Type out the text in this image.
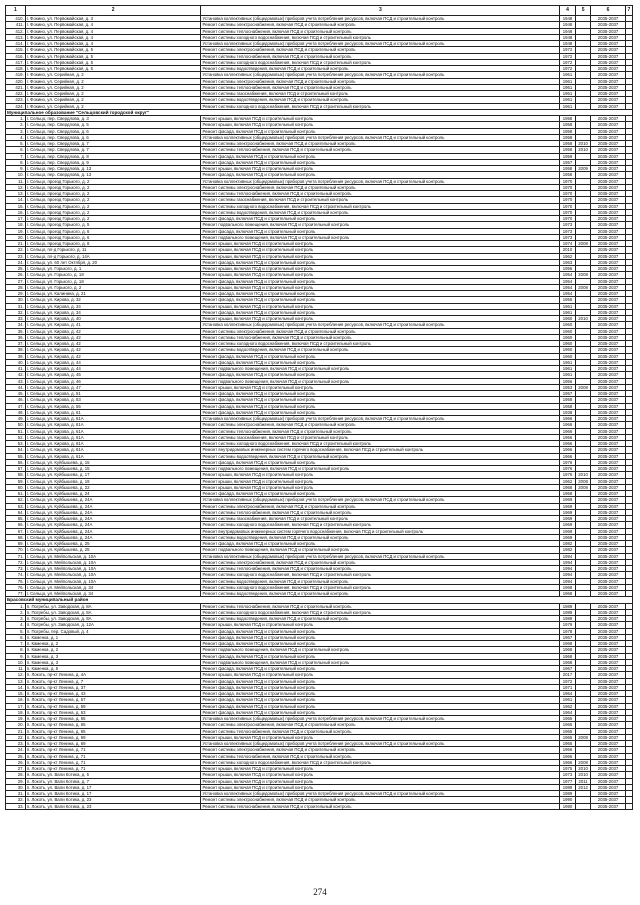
1	2	3	4	5	6	7
410.	г. Фокино, ул. Первомайская, д. 3	Установка коллективных (общедомовых) приборов учета потребления ресурсов, включая ПСД и строительный контроль	1948		2035-2037	
411.	г. Фокино, ул. Первомайская, д. 4	Ремонт системы электроснабжения, включая ПСД и строительный контроль	1948		2035-2037	
412.	г. Фокино, ул. Первомайская, д. 4	Ремонт системы теплоснабжения, включая ПСД и строительный контроль	1948		2035-2037	
413.	г. Фокино, ул. Первомайская, д. 4	Ремонт системы холодного водоснабжения, включая ПСД и строительный контроль	1948		2035-2037	
414.	г. Фокино, ул. Первомайская, д. 4	Установка коллективных (общедомовых) приборов учета потребления ресурсов, включая ПСД и строительный контроль	1948		2035-2037	
415.	г. Фокино, ул. Первомайская, д. 5	Ремонт системы электроснабжения, включая ПСД и строительный контроль	1972		2035-2037	
416.	г. Фокино, ул. Первомайская, д. 5	Ремонт системы теплоснабжения, включая ПСД и строительный контроль	1972		2035-2037	
417.	г. Фокино, ул. Первомайская, д. 5	Ремонт системы холодного водоснабжения, включая ПСД и строительный контроль	1972		2035-2037	
418.	г. Фокино, ул. Первомайская, д. 5	Ремонт системы водоотведения, включая ПСД и строительный контроль	1972		2035-2037	
419.	г. Фокино, ул. Серийная, д. 2	Установка коллективных (общедомовых) приборов учета потребления ресурсов, включая ПСД и строительный контроль	1961		2035-2037	
420.	г. Фокино, ул. Серийная, д. 2	Ремонт системы электроснабжения, включая ПСД и строительный контроль	1961		2035-2037	
421.	г. Фокино, ул. Серийная, д. 2	Ремонт системы теплоснабжения, включая ПСД и строительный контроль	1961		2035-2037	
422.	г. Фокино, ул. Серийная, д. 2	Ремонт системы газоснабжения, включая ПСД и строительный контроль	1961		2035-2037	
423.	г. Фокино, ул. Серийная, д. 2	Ремонт системы водоотведения, включая ПСД и строительный контроль	1961		2035-2037	
424.	г. Фокино, ул. Серийная, д. 2	Ремонт системы холодного водоснабжения, включая ПСД и строительный контроль	1961		2035-2037	
Муниципальное образование "Сельцовский городской округ"						
1.	г. Сельцо, пер. Свердлова, д. 3	Ремонт крыши, включая ПСД и строительный контроль	1958		2035-2037	
2.	г. Сельцо, пер. Свердлова, д. 5	Ремонт крыши, включая ПСД и строительный контроль	1958		2035-2037	
3.	г. Сельцо, пер. Свердлова, д. 6	Ремонт фасада, включая ПСД и строительный контроль	1958		2035-2037	
4.	г. Сельцо, пер. Свердлова, д. 6	Установка коллективных (общедомовых) приборов учета потребления ресурсов, включая ПСД и строительный контроль	1958		2035-2037	
5.	г. Сельцо, пер. Свердлова, д. 7	Ремонт системы электроснабжения, включая ПСД и строительный контроль	1958	2010	2035-2037	
6.	г. Сельцо, пер. Свердлова, д. 7	Ремонт системы теплоснабжения, включая ПСД и строительный контроль	1958	2010	2035-2037	
7.	г. Сельцо, пер. Свердлова, д. 8	Ремонт фасада, включая ПСД и строительный контроль	1959		2035-2037	
8.	г. Сельцо, пер. Свердлова, д. 9	Ремонт фасада, включая ПСД и строительный контроль	1957		2035-2037	
9.	г. Сельцо, пер. Свердлова, д. 13	Ремонт крыши, включая ПСД и строительный контроль	1958	2009	2035-2037	
10.	г. Сельцо, пер. Свердлова, д. 13	Ремонт фасада, включая ПСД и строительный контроль	1958		2035-2037	
11.	г. Сельцо, проезд Горького, д. 2	Установка коллективных (общедомовых) приборов учета потребления ресурсов, включая ПСД и строительный контроль	1970		2035-2037	
12.	г. Сельцо, проезд Горького, д. 2	Ремонт системы электроснабжения, включая ПСД и строительный контроль	1970		2035-2037	
13.	г. Сельцо, проезд Горького, д. 2	Ремонт системы теплоснабжения, включая ПСД и строительный контроль	1970		2035-2037	
14.	г. Сельцо, проезд Горького, д. 2	Ремонт системы газоснабжения, включая ПСД и строительный контроль	1970		2035-2037	
15.	г. Сельцо, проезд Горького, д. 2	Ремонт системы холодного водоснабжения, включая ПСД и строительный контроль	1970		2035-2037	
16.	г. Сельцо, проезд Горького, д. 2	Ремонт системы водоотведения, включая ПСД и строительный контроль	1970		2035-2037	
17.	г. Сельцо, проезд Горького, д. 2	Ремонт фасада, включая ПСД и строительный контроль	1970		2035-2037	
18.	г. Сельцо, проезд Горького, д. 5	Ремонт подвального помещения, включая ПСД и строительный контроль	1973		2035-2037	
19.	г. Сельцо, проезд Горького, д. 6	Ремонт фасада, включая ПСД и строительный контроль	1973		2035-2037	
20.	г. Сельцо, проезд Горького, д. 6	Ремонт подвального помещения, включая ПСД и строительный контроль	1973		2035-2037	
21.	г. Сельцо, проезд Горького, д. 8	Ремонт крыши, включая ПСД и строительный контроль	1974	2008	2035-2037	
22.	г. Сельцо, пл-д Горького, д. 11	Ремонт крыши, включая ПСД и строительный контроль	2010		2035-2037	
23.	г. Сельцо, пл-д Горького, д. 14А	Ремонт крыши, включая ПСД и строительный контроль	1962		2035-2037	
24.	г. Сельцо, ул. 60 лет Октября, д. 20	Ремонт фасада, включая ПСД и строительный контроль	1963		2035-2037	
25.	г. Сельцо, ул. Горького, д. 1	Ремонт крыши, включая ПСД и строительный контроль	1956		2035-2037	
26.	г. Сельцо, ул. Горького, д. 18	Ремонт крыши, включая ПСД и строительный контроль	1954	2008	2035-2037	
27.	г. Сельцо, ул. Горького, д. 18	Ремонт фасада, включая ПСД и строительный контроль	1954		2035-2037	
28.	г. Сельцо, ул. Горького, д. 2	Ремонт крыши, включая ПСД и строительный контроль	1954	2008	2035-2037	
29.	г. Сельцо, ул. Калинина, д. 21	Ремонт фасада, включая ПСД и строительный контроль	1954		2035-2037	
30.	г. Сельцо, ул. Кирова, д. 32	Ремонт фасада, включая ПСД и строительный контроль	1956		2035-2037	
31.	г. Сельцо, ул. Кирова, д. 34	Ремонт крыши, включая ПСД и строительный контроль	1961		2035-2037	
32.	г. Сельцо, ул. Кирова, д. 34	Ремонт фасада, включая ПСД и строительный контроль	1961		2035-2037	
33.	г. Сельцо, ул. Кирова, д. 40	Ремонт крыши, включая ПСД и строительный контроль	1960	2010	2035-2037	
34.	г. Сельцо, ул. Кирова, д. 41	Установка коллективных (общедомовых) приборов учета потребления ресурсов, включая ПСД и строительный контроль	1960		2035-2037	
35.	г. Сельцо, ул. Кирова, д. 42	Ремонт системы электроснабжения, включая ПСД и строительный контроль	1960		2035-2037	
36.	г. Сельцо, ул. Кирова, д. 42	Ремонт системы теплоснабжения, включая ПСД и строительный контроль	1960		2035-2037	
37.	г. Сельцо, ул. Кирова, д. 42	Ремонт системы холодного водоснабжения, включая ПСД и строительный контроль	1960		2035-2037	
38.	г. Сельцо, ул. Кирова, д. 42	Ремонт системы водоотведения, включая ПСД и строительный контроль	1960		2035-2037	
39.	г. Сельцо, ул. Кирова, д. 42	Ремонт фасада, включая ПСД и строительный контроль	1960		2035-2037	
40.	г. Сельцо, ул. Кирова, д. 44	Ремонт фасада, включая ПСД и строительный контроль	1961		2035-2037	
41.	г. Сельцо, ул. Кирова, д. 44	Ремонт подвального помещения, включая ПСД и строительный контроль	1961		2035-2037	
42.	г. Сельцо, ул. Кирова, д. 45	Ремонт фасада, включая ПСД и строительный контроль	1961		2035-2037	
43.	г. Сельцо, ул. Кирова, д. 46	Ремонт подвального помещения, включая ПСД и строительный контроль	1956		2035-2037	
44.	г. Сельцо, ул. Кирова, д. 47	Ремонт крыши, включая ПСД и строительный контроль	1953	2008	2035-2037	
45.	г. Сельцо, ул. Кирова, д. 51	Ремонт фасада, включая ПСД и строительный контроль	1957		2035-2037	
46.	г. Сельцо, ул. Кирова, д. 53	Ремонт фасада, включая ПСД и строительный контроль	1958		2035-2037	
47.	г. Сельцо, ул. Кирова, д. 55	Ремонт фасада, включая ПСД и строительный контроль	1958		2035-2037	
48.	г. Сельцо, ул. Кирова, д. 61	Ремонт фасада, включая ПСД и строительный контроль	1938		2035-2037	
49.	г. Сельцо, ул. Кирова, д. 61А	Установка коллективных (общедомовых) приборов учета потребления ресурсов, включая ПСД и строительный контроль	1966		2035-2037	
50.	г. Сельцо, ул. Кирова, д. 61А	Ремонт системы электроснабжения, включая ПСД и строительный контроль	1966		2035-2037	
51.	г. Сельцо, ул. Кирова, д. 61А	Ремонт системы теплоснабжения, включая ПСД и строительный контроль	1966		2035-2037	
52.	г. Сельцо, ул. Кирова, д. 61А	Ремонт системы газоснабжения, включая ПСД и строительный контроль	1966		2035-2037	
53.	г. Сельцо, ул. Кирова, д. 61А	Ремонт системы холодного водоснабжения, включая ПСД и строительный контроль	1966		2035-2037	
54.	г. Сельцо, ул. Кирова, д. 61А	Ремонт внутридомовых инженерных систем горячего водоснабжения, включая ПСД и строительный контроль	1966		2035-2037	
55.	г. Сельцо, ул. Кирова, д. 61А	Ремонт системы водоотведения, включая ПСД и строительный контроль	1966		2035-2037	
56.	г. Сельцо, ул. Куйбышева, д. 15	Ремонт фасада, включая ПСД и строительный контроль	1976		2035-2037	
57.	г. Сельцо, ул. Куйбышева, д. 15	Ремонт подвального помещения, включая ПСД и строительный контроль	1976		2035-2037	
58.	г. Сельцо, ул. Куйбышева, д. 17	Ремонт крыши, включая ПСД и строительный контроль	1976	2010	2035-2037	
59.	г. Сельцо, ул. Куйбышева, д. 19	Ремонт крыши, включая ПСД и строительный контроль	1962	2008	2035-2037	
60.	г. Сельцо, ул. Куйбышева, д. 22	Ремонт крыши, включая ПСД и строительный контроль	1968	2008	2035-2037	
61.	г. Сельцо, ул. Куйбышева, д. 24	Ремонт фасада, включая ПСД и строительный контроль	1968		2035-2037	
62.	г. Сельцо, ул. Куйбышева, д. 24А	Установка коллективных (общедомовых) приборов учета потребления ресурсов, включая ПСД и строительный контроль	1969		2035-2037	
63.	г. Сельцо, ул. Куйбышева, д. 24А	Ремонт системы электроснабжения, включая ПСД и строительный контроль	1969		2035-2037	
64.	г. Сельцо, ул. Куйбышева, д. 24А	Ремонт системы теплоснабжения, включая ПСД и строительный контроль	1969		2035-2037	
65.	г. Сельцо, ул. Куйбышева, д. 24А	Ремонт системы газоснабжения, включая ПСД и строительный контроль	1969		2035-2037	
66.	г. Сельцо, ул. Куйбышева, д. 24А	Ремонт системы холодного водоснабжения, включая ПСД и строительный контроль	1969		2035-2037	
67.	г. Сельцо, ул. Куйбышева, д. 24А	Ремонт внутридомовых инженерных систем горячего водоснабжения, включая ПСД и строительный контроль	1969		2035-2037	
68.	г. Сельцо, ул. Куйбышева, д. 24А	Ремонт системы водоотведения, включая ПСД и строительный контроль	1969		2035-2037	
69.	г. Сельцо, ул. Куйбышева, д. 25	Ремонт фасада, включая ПСД и строительный контроль	1982		2035-2037	
70.	г. Сельцо, ул. Куйбышева, д. 25	Ремонт подвального помещения, включая ПСД и строительный контроль	1982		2035-2037	
71.	г. Сельцо, ул. Мейпольская, д. 10А	Установка коллективных (общедомовых) приборов учета потребления ресурсов, включая ПСД и строительный контроль	1994		2035-2037	
72.	г. Сельцо, ул. Мейпольская, д. 10А	Ремонт системы электроснабжения, включая ПСД и строительный контроль	1994		2035-2037	
73.	г. Сельцо, ул. Мейпольская, д. 10А	Ремонт системы теплоснабжения, включая ПСД и строительный контроль	1994		2035-2037	
74.	г. Сельцо, ул. Мейпольская, д. 10А	Ремонт системы холодного водоснабжения, включая ПСД и строительный контроль	1994		2035-2037	
75.	г. Сельцо, ул. Мейпольская, д. 10А	Ремонт системы водоотведения, включая ПСД и строительный контроль	1994		2035-2037	
76.	г. Сельцо, ул. Мейпольская, д. 34	Ремонт системы холодного водоснабжения, включая ПСД и строительный контроль	1968		2035-2037	
77.	г. Сельцо, ул. Мейпольская, д. 34	Ремонт системы водоотведения, включая ПСД и строительный контроль	1968		2035-2037	
Брасовский муниципальный район						
1.	п. Погребы, ул. Заводская, д. 8А	Ремонт системы теплоснабжения, включая ПСД и строительный контроль	1989		2035-2037	
2.	п. Погребы, ул. Заводская, д. 8А	Ремонт системы холодного водоснабжения, включая ПСД и строительный контроль	1989		2035-2037	
3.	п. Погребы, ул. Заводская, д. 8А	Ремонт системы водоотведения, включая ПСД и строительный контроль	1989		2035-2037	
4.	п. Погребы, ул. Заводская, д. 12А	Ремонт крыши, включая ПСД и строительный контроль	1979		2035-2037	
5.	п. Погребы, пер. Садовый, д. 4	Ремонт фасада, включая ПСД и строительный контроль	1978		2035-2037	
6.	п. Каменка, д. 1	Ремонт фасада, включая ПСД и строительный контроль	1967		2035-2037	
7.	п. Каменка, д. 2	Ремонт фасада, включая ПСД и строительный контроль	1968		2035-2037	
8.	п. Каменка, д. 2	Ремонт подвального помещения, включая ПСД и строительный контроль	1968		2035-2037	
9.	п. Каменка, д. 3	Ремонт фасада, включая ПСД и строительный контроль	1968		2035-2037	
10.	п. Каменка, д. 3	Ремонт подвального помещения, включая ПСД и строительный контроль	1968		2035-2037	
11.	п. Каменка, д. 5	Ремонт фасада, включая ПСД и строительный контроль	1967		2035-2037	
12.	п. Локоть, пр-кт Ленина, д. 4А	Ремонт крыши, включая ПСД и строительный контроль	2017		2035-2037	
13.	п. Локоть, пр-кт Ленина, д. 7	Ремонт фасада, включая ПСД и строительный контроль	1972		2035-2037	
14.	п. Локоть, пр-кт Ленина, д. 37	Ремонт фасада, включая ПСД и строительный контроль	1971		2035-2037	
15.	п. Локоть, пр-кт Ленина, д. 43	Ремонт фасада, включая ПСД и строительный контроль	1964		2035-2037	
16.	п. Локоть, пр-кт Ленина, д. 57	Ремонт фасада, включая ПСД и строительный контроль	1961		2035-2037	
17.	п. Локоть, пр-кт Ленина, д. 59	Ремонт фасада, включая ПСД и строительный контроль	1962		2035-2037	
18.	п. Локоть, пр-кт Ленина, д. 63	Ремонт фасада, включая ПСД и строительный контроль	1964		2035-2037	
19.	п. Локоть, пр-кт Ленина, д. 65	Установка коллективных (общедомовых) приборов учета потребления ресурсов, включая ПСД и строительный контроль	1965		2035-2037	
20.	п. Локоть, пр-кт Ленина, д. 65	Ремонт системы электроснабжения, включая ПСД и строительный контроль	1965		2035-2037	
21.	п. Локоть, пр-кт Ленина, д. 65	Ремонт системы теплоснабжения, включая ПСД и строительный контроль	1965		2035-2037	
22.	п. Локоть, пр-кт Ленина, д. 69	Ремонт крыши, включая ПСД и строительный контроль	1965	2008	2035-2037	
23.	п. Локоть, пр-кт Ленина, д. 69	Установка коллективных (общедомовых) приборов учета потребления ресурсов, включая ПСД и строительный контроль	1965		2035-2037	
24.	п. Локоть, пр-кт Ленина, д. 71	Ремонт системы электроснабжения, включая ПСД и строительный контроль	1966		2035-2037	
25.	п. Локоть, пр-кт Ленина, д. 71	Ремонт системы теплоснабжения, включая ПСД и строительный контроль	1966		2035-2037	
26.	п. Локоть, пр-кт Ленина, д. 71	Ремонт системы холодного водоснабжения, включая ПСД и строительный контроль	1966	2008	2035-2037	
27.	п. Локоть, пр-кт Ленина, д. 71	Ремонт крыши, включая ПСД и строительный контроль	1975	2010	2035-2037	
28.	п. Локоть, ул. Вали Котика, д. 5	Ремонт крыши, включая ПСД и строительный контроль	1973	2010	2035-2037	
29.	п. Локоть, ул. Вали Котика, д. 7	Ремонт крыши, включая ПСД и строительный контроль	1977	2011	2035-2037	
30.	п. Локоть, ул. Вали Котика, д. 17	Ремонт крыши, включая ПСД и строительный контроль	1989	2012	2035-2037	
31.	п. Локоть, ул. Вали Котика, д. 17	Установка коллективных (общедомовых) приборов учета потребления ресурсов, включая ПСД и строительный контроль	1989		2035-2037	
32.	п. Локоть, ул. Вали Котика, д. 23	Ремонт системы электроснабжения, включая ПСД и строительный контроль	1990		2035-2037	
33.	п. Локоть, ул. Вали Котика, д. 23	Ремонт системы теплоснабжения, включая ПСД и строительный контроль	1990		2035-2037	
274
